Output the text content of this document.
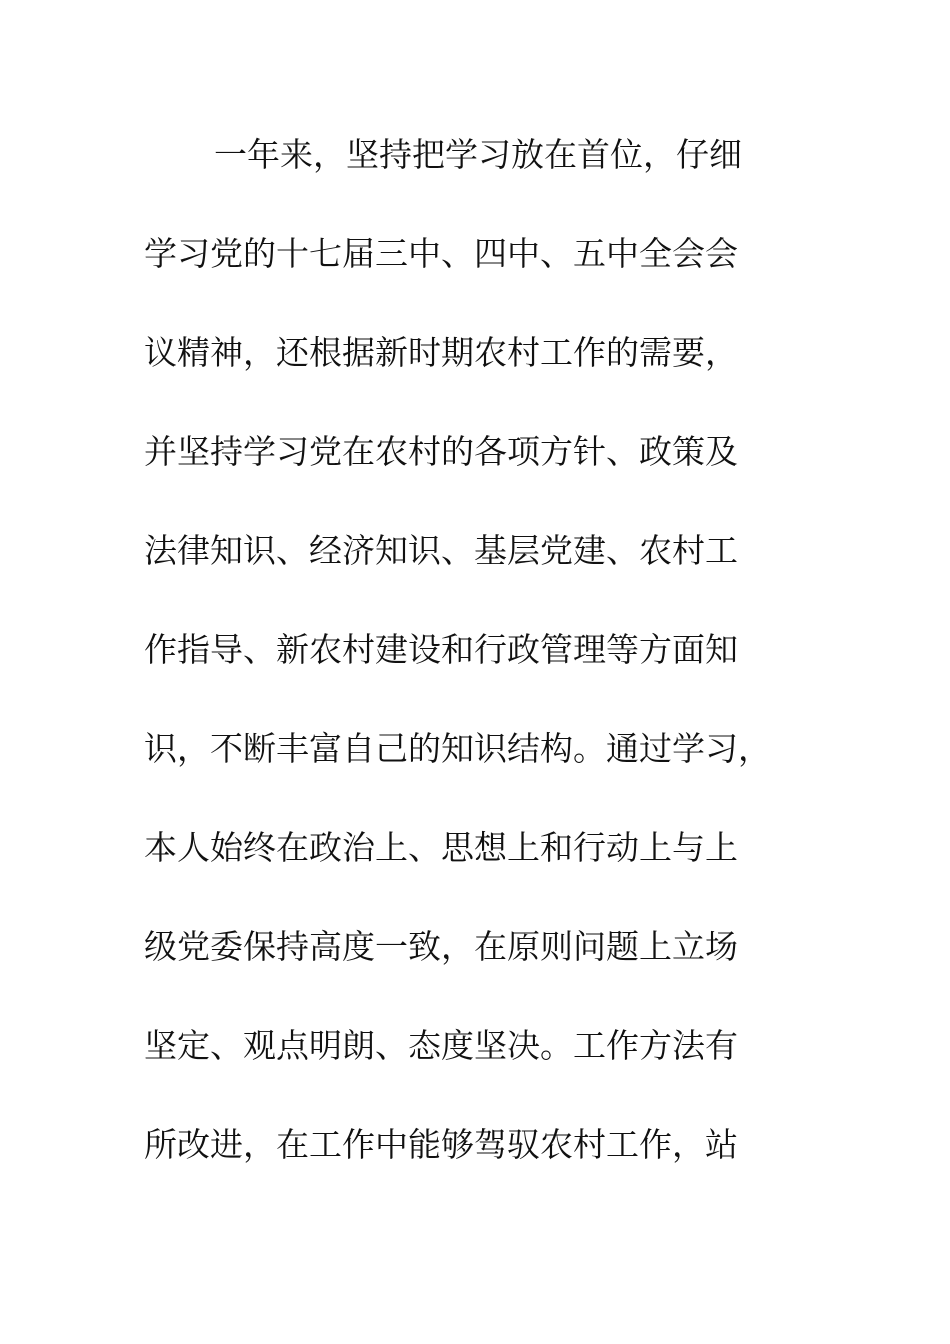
一年来，坚持把学习放在首位，仔细
学习党的十七届三中、四中、五中全会会
议精神，还根据新时期农村工作的需要，
并坚持学习党在农村的各项方针、政策及
法律知识、经济知识、基层党建、农村工
作指导、新农村建设和行政管理等方面知
识，不断丰富自己的知识结构。通过学习，
本人始终在政治上、思想上和行动上与上
级党委保持高度一致，在原则问题上立场
坚定、观点明朗、态度坚决。工作方法有
所改进，在工作中能够驾驭农村工作，站
